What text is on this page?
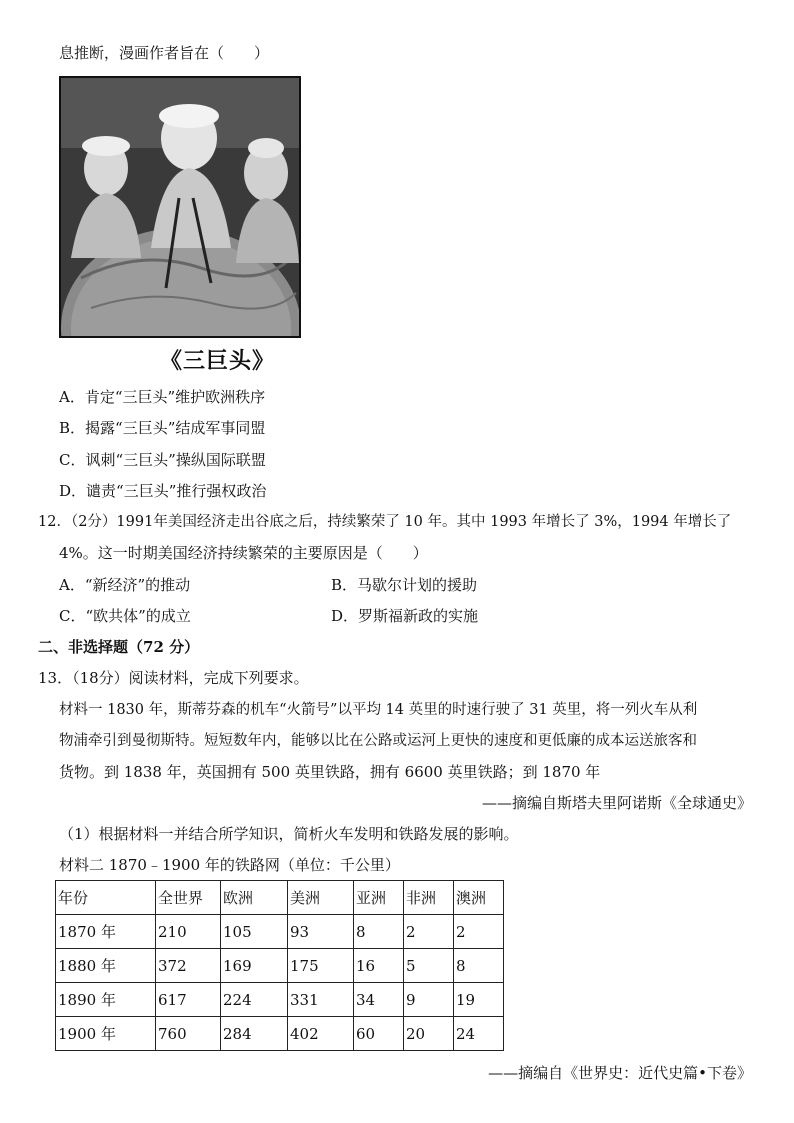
息推断，漫画作者旨在（　　）
《三巨头》
A．肯定“三巨头”维护欧洲秩序
B．揭露“三巨头”结成军事同盟
C．讽刺“三巨头”操纵国际联盟
D．谴责“三巨头”推行强权政治
12．（2分）1991年美国经济走出谷底之后，持续繁荣了 10 年。其中 1993 年增长了 3%，1994 年增长了
4%。这一时期美国经济持续繁荣的主要原因是（　　）
A．“新经济”的推动	B．马歇尔计划的援助
C．“欧共体”的成立	D．罗斯福新政的实施
二、非选择题（72 分）
13．（18分）阅读材料，完成下列要求。
材料一 1830 年，斯蒂芬森的机车“火箭号”以平均 14 英里的时速行驶了 31 英里，将一列火车从利
物浦牵引到曼彻斯特。短短数年内，能够以比在公路或运河上更快的速度和更低廉的成本运送旅客和
货物。到 1838 年，英国拥有 500 英里铁路，拥有 6600 英里铁路；到 1870 年
——摘编自斯塔夫里阿诺斯《全球通史》
（1）根据材料一并结合所学知识，简析火车发明和铁路发展的影响。
材料二 1870﹣1900 年的铁路网（单位：千公里）
年份	全世界	欧洲	美洲	亚洲	非洲	澳洲
1870 年	210	105	93	8	2	2
1880 年	372	169	175	16	5	8
1890 年	617	224	331	34	9	19
1900 年	760	284	402	60	20	24
——摘编自《世界史：近代史篇•下卷》
